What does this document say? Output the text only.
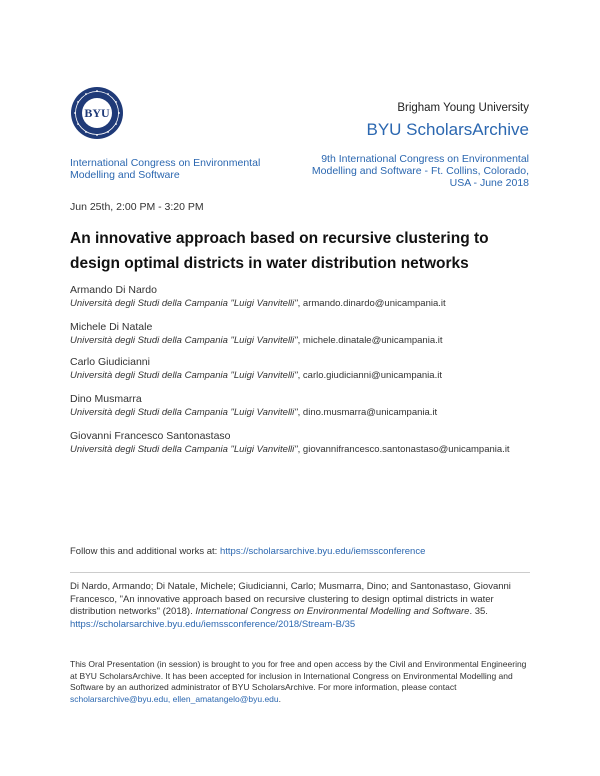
BYU	Brigham Young University
BYU ScholarsArchive
International Congress on Environmental Modelling and Software
9th International Congress on Environmental Modelling and Software - Ft. Collins, Colorado, USA - June 2018
Jun 25th, 2:00 PM - 3:20 PM
An innovative approach based on recursive clustering to design optimal districts in water distribution networks
Armando Di Nardo
Università degli Studi della Campania "Luigi Vanvitelli", armando.dinardo@unicampania.it
Michele Di Natale
Università degli Studi della Campania "Luigi Vanvitelli", michele.dinatale@unicampania.it
Carlo Giudicianni
Università degli Studi della Campania "Luigi Vanvitelli", carlo.giudicianni@unicampania.it
Dino Musmarra
Università degli Studi della Campania "Luigi Vanvitelli", dino.musmarra@unicampania.it
Giovanni Francesco Santonastaso
Università degli Studi della Campania "Luigi Vanvitelli", giovannifrancesco.santonastaso@unicampania.it
Follow this and additional works at: https://scholarsarchive.byu.edu/iemssconference
Di Nardo, Armando; Di Natale, Michele; Giudicianni, Carlo; Musmarra, Dino; and Santonastaso, Giovanni Francesco, "An innovative approach based on recursive clustering to design optimal districts in water distribution networks" (2018). International Congress on Environmental Modelling and Software. 35.
https://scholarsarchive.byu.edu/iemssconference/2018/Stream-B/35
This Oral Presentation (in session) is brought to you for free and open access by the Civil and Environmental Engineering at BYU ScholarsArchive. It has been accepted for inclusion in International Congress on Environmental Modelling and Software by an authorized administrator of BYU ScholarsArchive. For more information, please contact scholarsarchive@byu.edu, ellen_amatangelo@byu.edu.
